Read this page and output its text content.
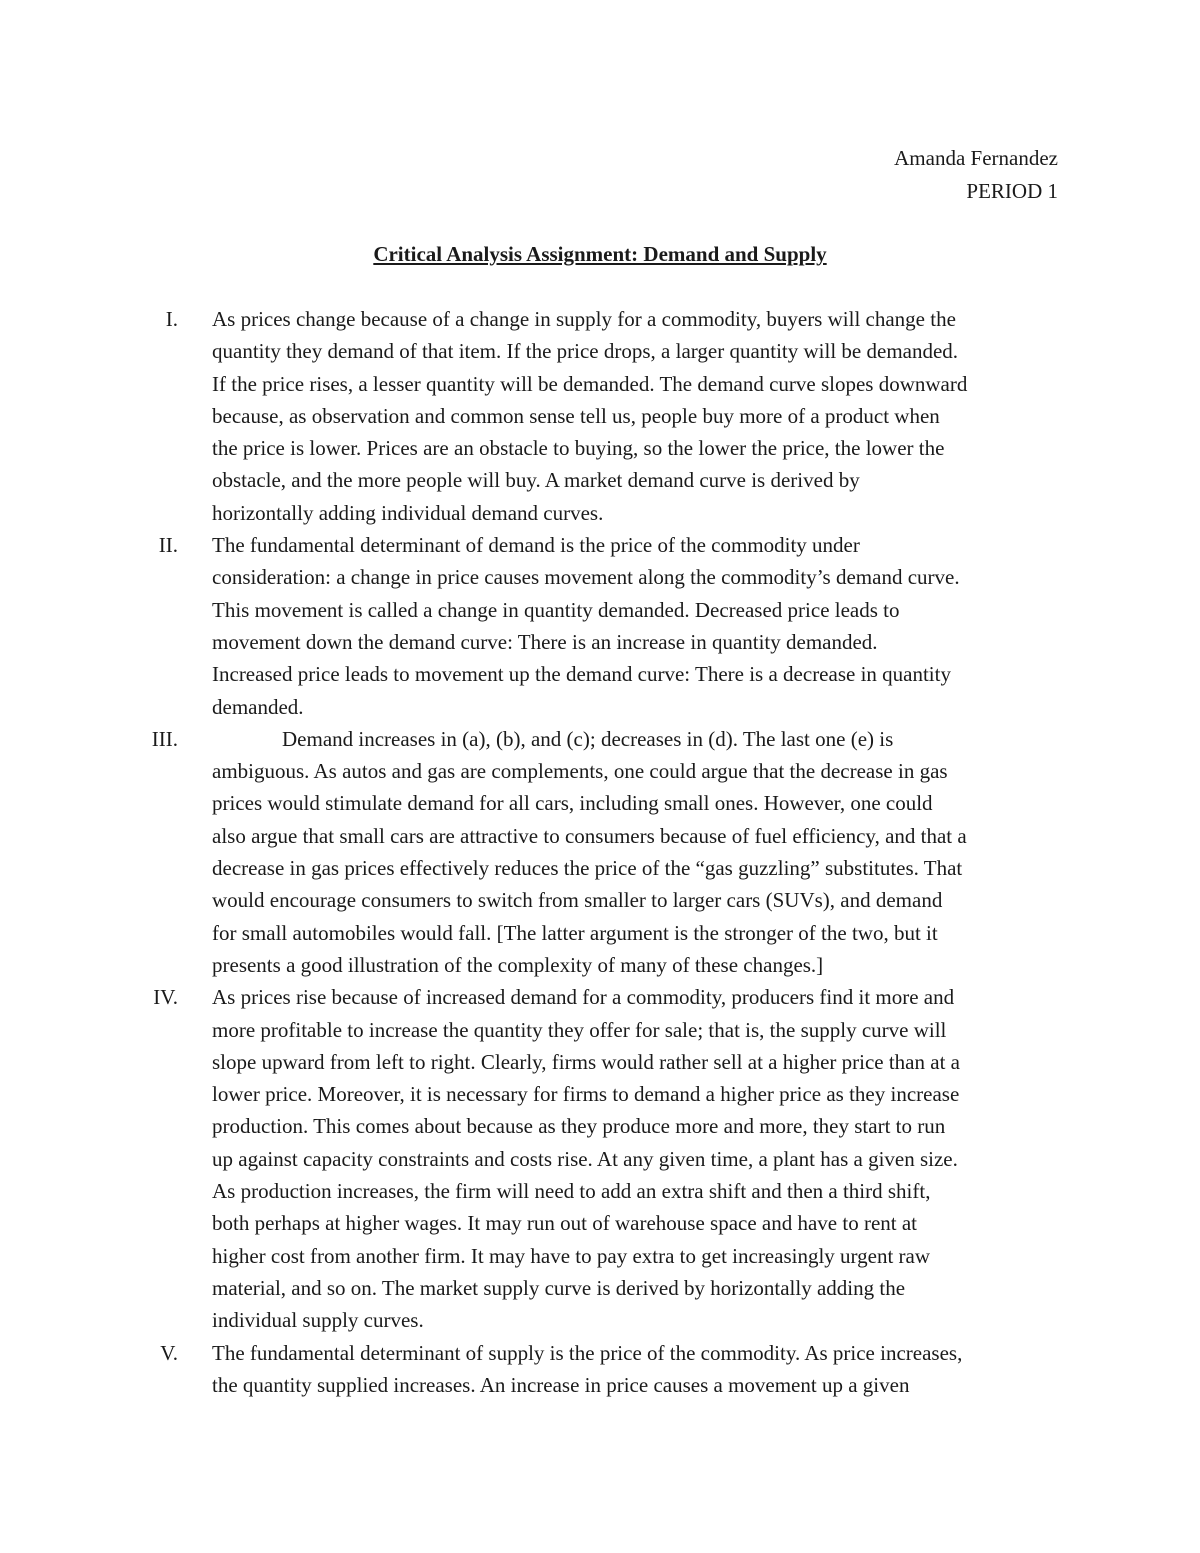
Amanda Fernandez
PERIOD 1
Critical Analysis Assignment: Demand and Supply
I. As prices change because of a change in supply for a commodity, buyers will change the
quantity they demand of that item. If the price drops, a larger quantity will be demanded.
If the price rises, a lesser quantity will be demanded. The demand curve slopes downward
because, as observation and common sense tell us, people buy more of a product when
the price is lower. Prices are an obstacle to buying, so the lower the price, the lower the
obstacle, and the more people will buy. A market demand curve is derived by
horizontally adding individual demand curves.
II. The fundamental determinant of demand is the price of the commodity under
consideration: a change in price causes movement along the commodity’s demand curve.
This movement is called a change in quantity demanded. Decreased price leads to
movement down the demand curve: There is an increase in quantity demanded.
Increased price leads to movement up the demand curve: There is a decrease in quantity
demanded.
III.	Demand increases in (a), (b), and (c); decreases in (d). The last one (e) is
ambiguous. As autos and gas are complements, one could argue that the decrease in gas
prices would stimulate demand for all cars, including small ones. However, one could
also argue that small cars are attractive to consumers because of fuel efficiency, and that a
decrease in gas prices effectively reduces the price of the “gas guzzling” substitutes. That
would encourage consumers to switch from smaller to larger cars (SUVs), and demand
for small automobiles would fall. [The latter argument is the stronger of the two, but it
presents a good illustration of the complexity of many of these changes.]
IV. As prices rise because of increased demand for a commodity, producers find it more and
more profitable to increase the quantity they offer for sale; that is, the supply curve will
slope upward from left to right. Clearly, firms would rather sell at a higher price than at a
lower price. Moreover, it is necessary for firms to demand a higher price as they increase
production. This comes about because as they produce more and more, they start to run
up against capacity constraints and costs rise. At any given time, a plant has a given size.
As production increases, the firm will need to add an extra shift and then a third shift,
both perhaps at higher wages. It may run out of warehouse space and have to rent at
higher cost from another firm. It may have to pay extra to get increasingly urgent raw
material, and so on. The market supply curve is derived by horizontally adding the
individual supply curves.
V. The fundamental determinant of supply is the price of the commodity. As price increases,
the quantity supplied increases. An increase in price causes a movement up a given
